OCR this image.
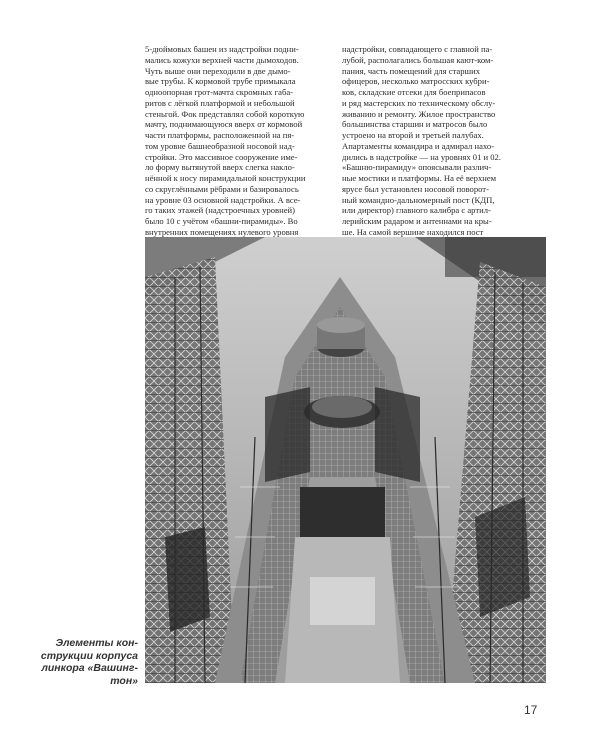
5-дюймовых башен из надстройки подни-
мались кожухи верхней части дымоходов.
Чуть выше они переходили в две дымо-
вые трубы. К кормовой трубе примыкала
одноопорная грот-мачта скромных габа-
ритов с лёгкой платформой и небольшой
стеньгой. Фок представлял собой короткую
мачту, поднимающуюся вверх от кормовой
части платформы, расположенной на пя-
том уровне башнеобразной носовой над-
стройки. Это массивное сооружение име-
ло форму вытянутой вверх слегка накло-
нённой к носу пирамидальной конструкции
со скруглёнными рёбрами и базировалось
на уровне 03 основной надстройки. А все-
го таких этажей (надстроечных уровней)
было 10 с учётом «башни-пирамиды». Во
внутренних помещениях нулевого уровня

надстройки, совпадающего с главной па-
лубой, располагались большая кают-ком-
пания, часть помещений для старших
офицеров, несколько матросских кубри-
ков, складские отсеки для боеприпасов
и ряд мастерских по техническому обслу-
живанию и ремонту. Жилое пространство
большинства старшин и матросов было
устроено на второй и третьей палубах.
Апартаменты командира и адмирал нахо-
дились в надстройке — на уровнях 01 и 02.
«Башню-пирамиду» опоясывали различ-
ные мостики и платформы. На её верхнем
ярусе был установлен носовой поворот-
ный командно-дальномерный пост (КДП,
или директор) главного калибра с артил-
лерийским радаром и антеннами на кры-
ше. На самой вершине находился пост

Элементы кон-
струкции корпуса
линкора «Вашинг-
тон»
17
